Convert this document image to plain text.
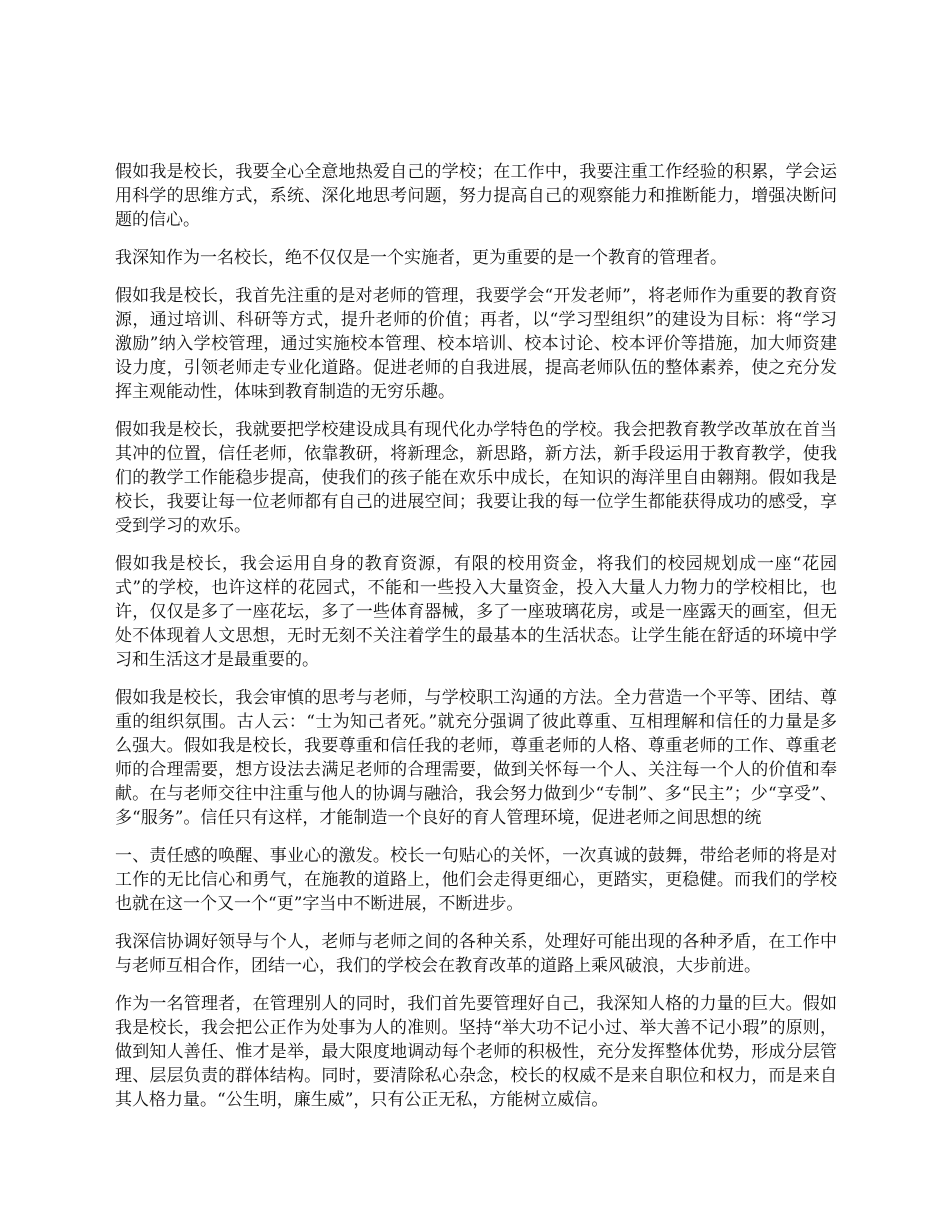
假如我是校长，我要全心全意地热爱自己的学校；在工作中，我要注重工作经验的积累，学会运用科学的思维方式，系统、深化地思考问题，努力提高自己的观察能力和推断能力，增强决断问题的信心。

我深知作为一名校长，绝不仅仅是一个实施者，更为重要的是一个教育的管理者。

假如我是校长，我首先注重的是对老师的管理，我要学会“开发老师”，将老师作为重要的教育资源，通过培训、科研等方式，提升老师的价值；再者，以“学习型组织”的建设为目标：将“学习 激励”纳入学校管理，通过实施校本管理、校本培训、校本讨论、校本评价等措施，加大师资建设力度，引领老师走专业化道路。促进老师的自我进展，提高老师队伍的整体素养，使之充分发挥主观能动性，体味到教育制造的无穷乐趣。

假如我是校长，我就要把学校建设成具有现代化办学特色的学校。我会把教育教学改革放在首当其冲的位置，信任老师，依靠教研，将新理念，新思路，新方法，新手段运用于教育教学，使我们的教学工作能稳步提高，使我们的孩子能在欢乐中成长，在知识的海洋里自由翱翔。假如我是校长，我要让每一位老师都有自己的进展空间；我要让我的每一位学生都能获得成功的感受，享受到学习的欢乐。

假如我是校长，我会运用自身的教育资源，有限的校用资金，将我们的校园规划成一座“花园式”的学校，也许这样的花园式，不能和一些投入大量资金，投入大量人力物力的学校相比，也许，仅仅是多了一座花坛，多了一些体育器械，多了一座玻璃花房，或是一座露天的画室，但无处不体现着人文思想，无时无刻不关注着学生的最基本的生活状态。让学生能在舒适的环境中学习和生活这才是最重要的。

假如我是校长，我会审慎的思考与老师，与学校职工沟通的方法。全力营造一个平等、团结、尊重的组织氛围。古人云：“士为知己者死。”就充分强调了彼此尊重、互相理解和信任的力量是多么强大。假如我是校长，我要尊重和信任我的老师，尊重老师的人格、尊重老师的工作、尊重老师的合理需要，想方设法去满足老师的合理需要，做到关怀每一个人、关注每一个人的价值和奉献。在与老师交往中注重与他人的协调与融洽，我会努力做到少“专制”、多“民主”；少“享受”、多“服务”。信任只有这样，才能制造一个良好的育人管理环境，促进老师之间思想的统

一、责任感的唤醒、事业心的激发。校长一句贴心的关怀，一次真诚的鼓舞，带给老师的将是对工作的无比信心和勇气，在施教的道路上，他们会走得更细心，更踏实，更稳健。而我们的学校也就在这一个又一个“更”字当中不断进展，不断进步。

我深信协调好领导与个人，老师与老师之间的各种关系，处理好可能出现的各种矛盾，在工作中与老师互相合作，团结一心，我们的学校会在教育改革的道路上乘风破浪，大步前进。

作为一名管理者，在管理别人的同时，我们首先要管理好自己，我深知人格的力量的巨大。假如我是校长，我会把公正作为处事为人的准则。坚持“举大功不记小过、举大善不记小瑕”的原则，做到知人善任、惟才是举，最大限度地调动每个老师的积极性，充分发挥整体优势，形成分层管理、层层负责的群体结构。同时，要清除私心杂念，校长的权威不是来自职位和权力，而是来自其人格力量。“公生明，廉生威”，只有公正无私，方能树立威信。
